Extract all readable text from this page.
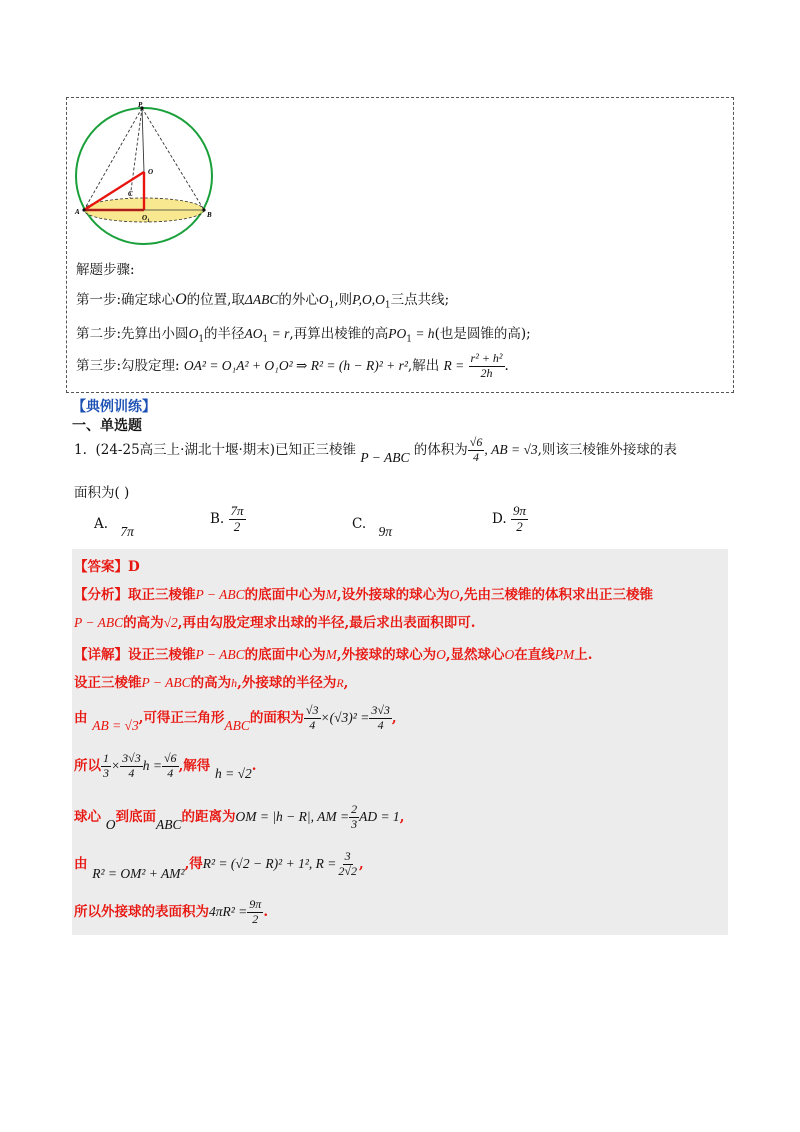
P
O
C
$O_1$
A	B
解题步骤:
第一步:确定球心O的位置,取ΔABC的外心$O_1$,则$P,O,O_1$三点共线;
第二步:先算出小圆$O_1$的半径$AO_1 = r$,再算出棱锥的高$PO_1 = h$(也是圆锥的高);
第三步:勾股定理: OA² = O₁A² + O₁O² ⇒ R² = (h − R)² + r²,解出 $R = \frac{\text{r² + h²}}{2h}$ .
【典例训练】
一、单选题
1. (24-25高三上·湖北十堰·期末)已知正三棱锥 P − ABC 的体积为 $\frac{√6}{4}$ , AB = √3,则该三棱锥外接球的表
面积为( )
A. 7π
B. $\frac{7\pi}{2}$	C. 9π
D. $\frac{9\pi}{2}$
【答案】D
【分析】取正三棱锥P − ABC的底面中心为M,设外接球的球心为O,先由三棱锥的体积求出正三棱锥
P − ABC的高为√2,再由勾股定理求出球的半径,最后求出表面积即可.
【详解】设正三棱锥P − ABC的底面中心为M,外接球的球心为O,显然球心O在直线PM上.
设正三棱锥P − ABC的高为h,外接球的半径为R,
由 AB = √3,可得正三角形ABC的面积为 $\frac{√3}{4} \times(√3)^2 = \frac{3√3}{4}$ ,
所以 $\frac{1}{3} \times \frac{3√3}{4}$ $h = \frac{√6}{4}$ ,解得 h = √2.
球心 O到底面ABC的距离为OM = |h − R|, AM = $\frac{2}{3}$ AD = 1,
由 R² = OM² + AM²,得R² = (√2 − R)² + 1², $R = \frac{3}{2√2}$ ,
所以外接球的表面积为$4\pi R^2 = \frac{9\pi}{2}$ .
